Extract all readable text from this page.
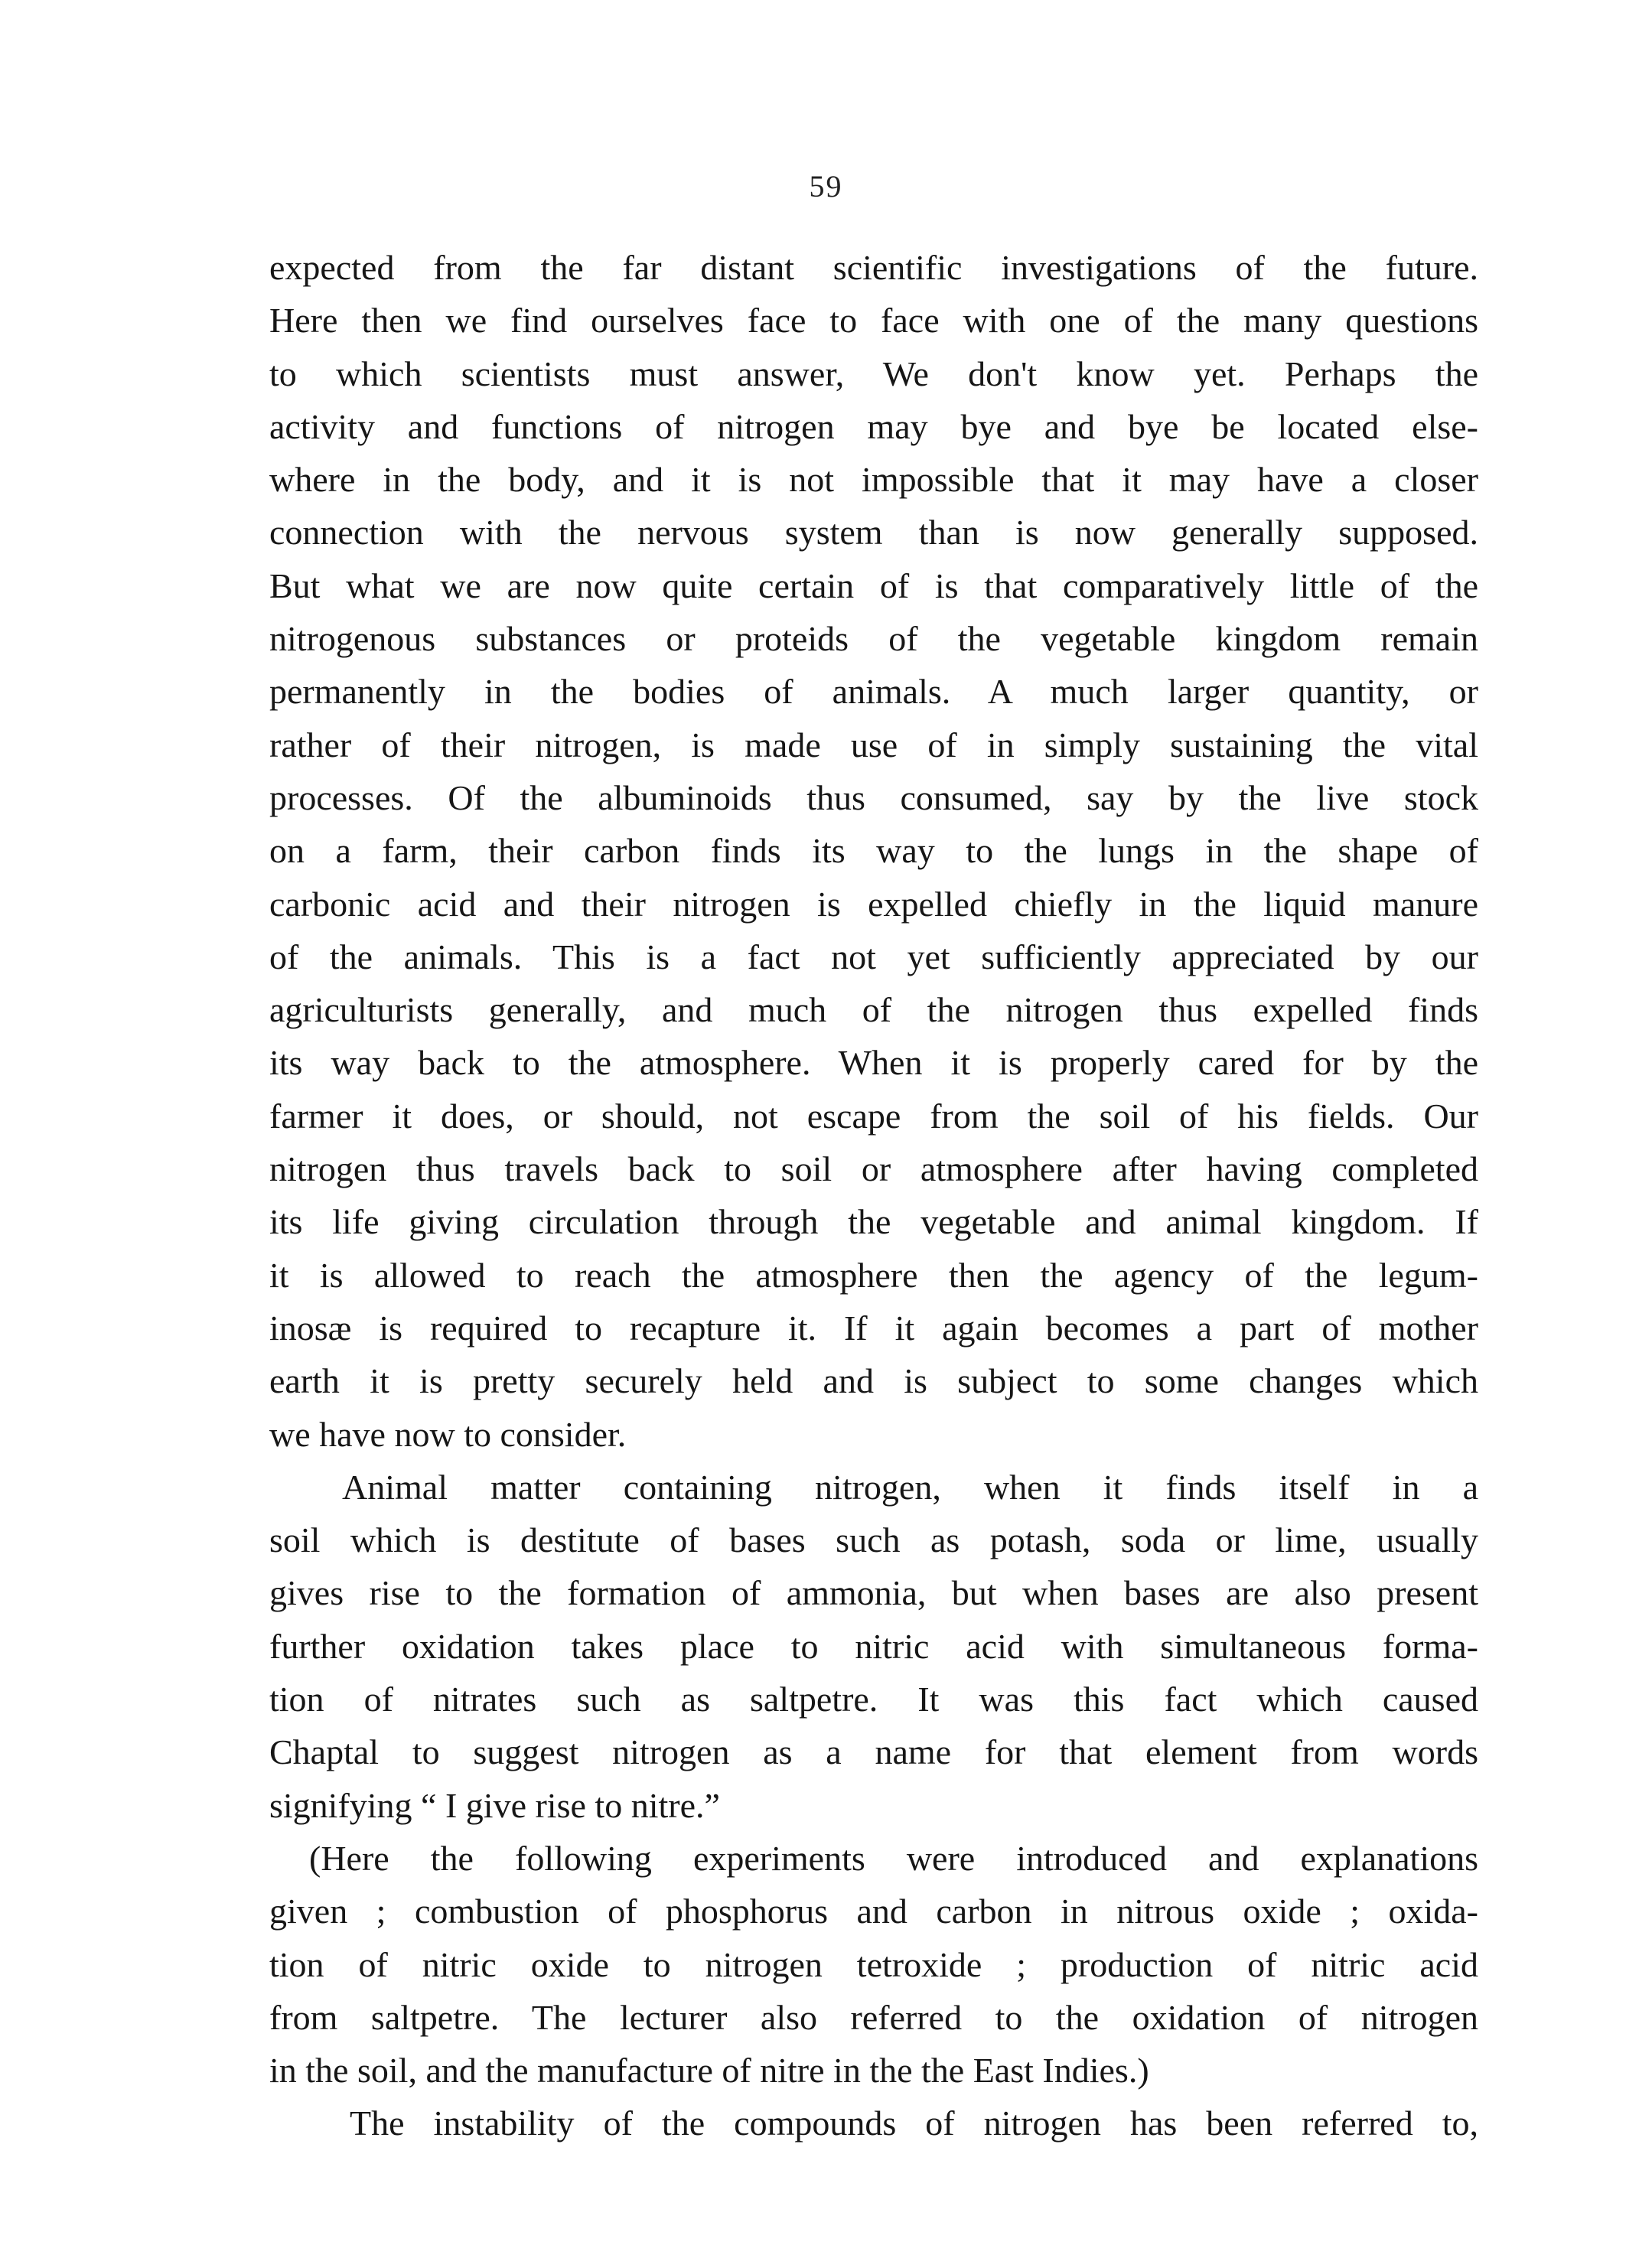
59
expected from the far distant scientific investigations of the future.
Here then we find ourselves face to face with one of the many questions
to which scientists must answer, We don't know yet. Perhaps the
activity and functions of nitrogen may bye and bye be located else-
where in the body, and it is not impossible that it may have a closer
connection with the nervous system than is now generally supposed.
But what we are now quite certain of is that comparatively little of the
nitrogenous substances or proteids of the vegetable kingdom remain
permanently in the bodies of animals. A much larger quantity, or
rather of their nitrogen, is made use of in simply sustaining the vital
processes. Of the albuminoids thus consumed, say by the live stock
on a farm, their carbon finds its way to the lungs in the shape of
carbonic acid and their nitrogen is expelled chiefly in the liquid manure
of the animals. This is a fact not yet sufficiently appreciated by our
agriculturists generally, and much of the nitrogen thus expelled finds
its way back to the atmosphere. When it is properly cared for by the
farmer it does, or should, not escape from the soil of his fields. Our
nitrogen thus travels back to soil or atmosphere after having completed
its life giving circulation through the vegetable and animal kingdom. If
it is allowed to reach the atmosphere then the agency of the legum-
inosæ is required to recapture it. If it again becomes a part of mother
earth it is pretty securely held and is subject to some changes which
we have now to consider.
Animal matter containing nitrogen, when it finds itself in a
soil which is destitute of bases such as potash, soda or lime, usually
gives rise to the formation of ammonia, but when bases are also present
further oxidation takes place to nitric acid with simultaneous forma-
tion of nitrates such as saltpetre. It was this fact which caused
Chaptal to suggest nitrogen as a name for that element from words
signifying “ I give rise to nitre.”
(Here the following experiments were introduced and explanations
given ; combustion of phosphorus and carbon in nitrous oxide ; oxida-
tion of nitric oxide to nitrogen tetroxide ; production of nitric acid
from saltpetre. The lecturer also referred to the oxidation of nitrogen
in the soil, and the manufacture of nitre in the the East Indies.)
The instability of the compounds of nitrogen has been referred to,
